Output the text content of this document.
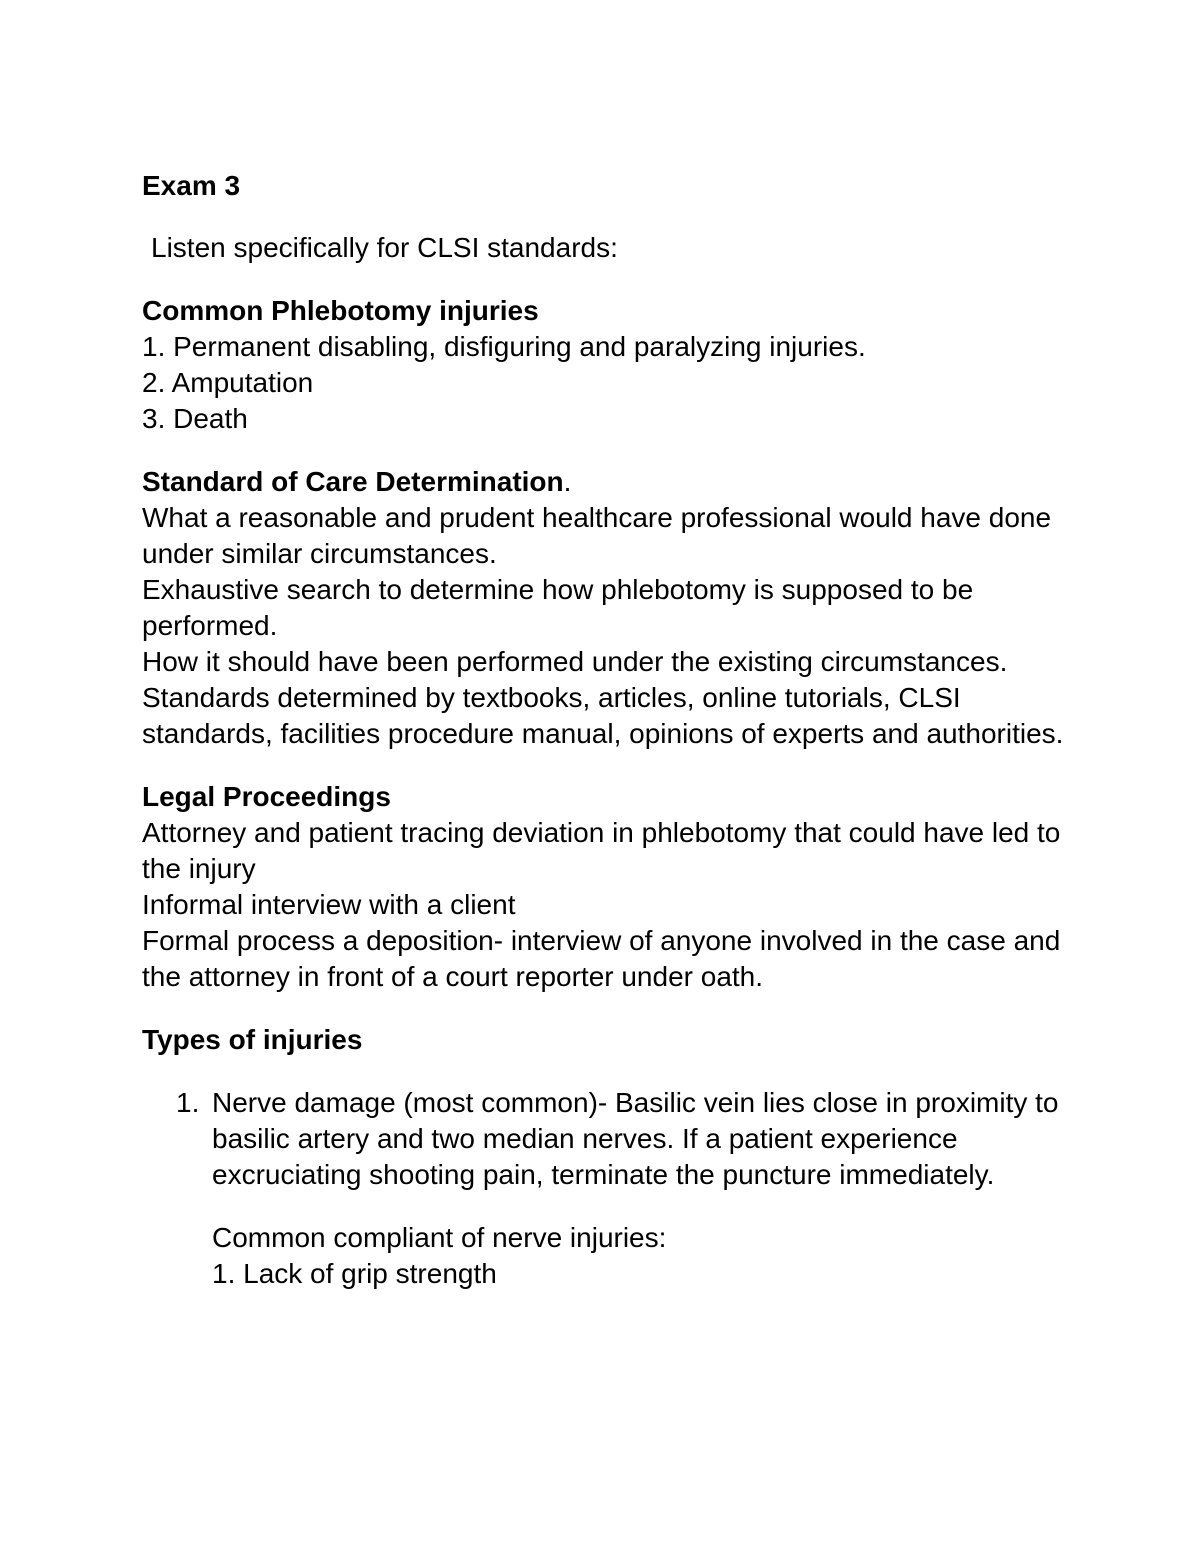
Exam 3
Listen specifically for CLSI standards:
Common Phlebotomy injuries
1. Permanent disabling, disfiguring and paralyzing injuries.
2. Amputation
3. Death
Standard of Care Determination.
What a reasonable and prudent healthcare professional would have done under similar circumstances.
Exhaustive search to determine how phlebotomy is supposed to be performed.
How it should have been performed under the existing circumstances.
Standards determined by textbooks, articles, online tutorials, CLSI standards, facilities procedure manual, opinions of experts and authorities.
Legal Proceedings
Attorney and patient tracing deviation in phlebotomy that could have led to the injury
Informal interview with a client
Formal process a deposition- interview of anyone involved in the case and the attorney in front of a court reporter under oath.
Types of injuries
1. Nerve damage (most common)- Basilic vein lies close in proximity to basilic artery and two median nerves. If a patient experience excruciating shooting pain, terminate the puncture immediately.
Common compliant of nerve injuries:
1. Lack of grip strength
